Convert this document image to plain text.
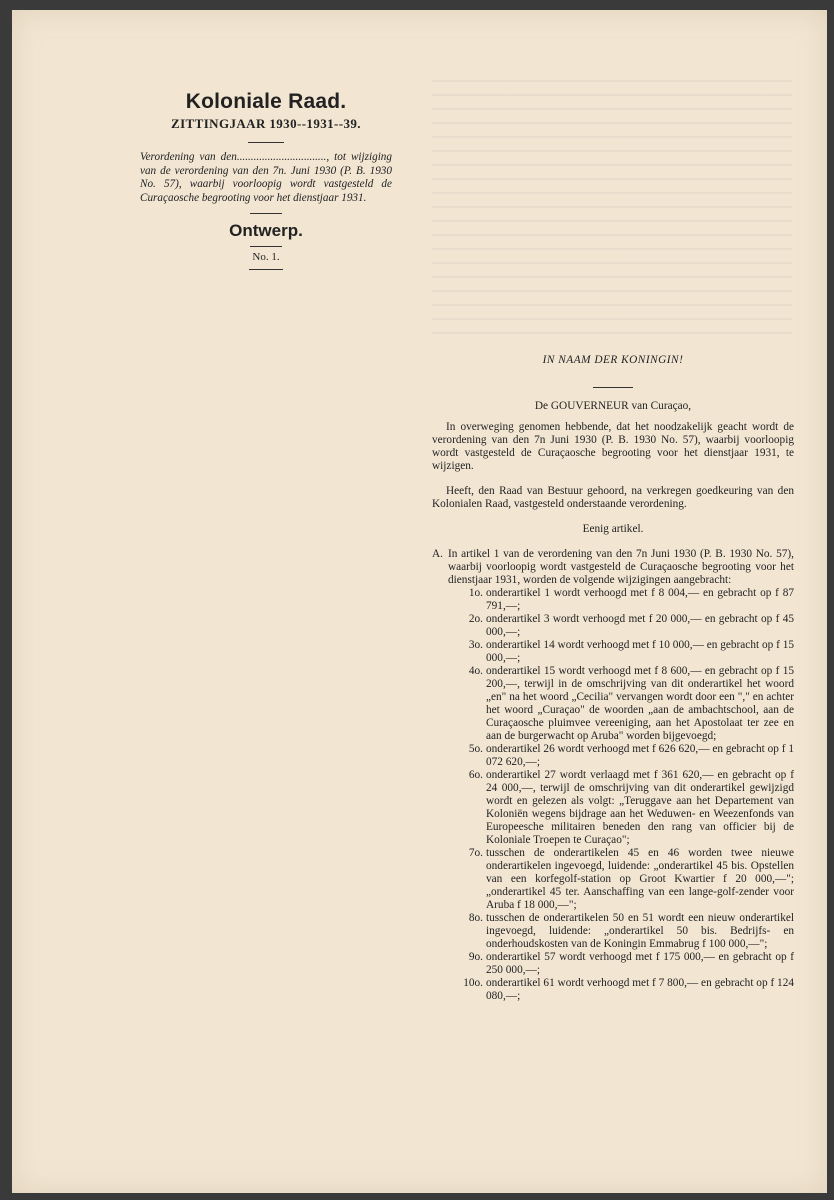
Koloniale Raad.
ZITTINGJAAR 1930--1931--39.

Verordening van den................................, tot wijziging van de verordening van den 7n. Juni 1930 (P. B. 1930 No. 57), waarbij voorloopig wordt vastgesteld de Curaçaosche begrooting voor het dienstjaar 1931.

Ontwerp.

No. 1.

IN NAAM DER KONINGIN!

De GOUVERNEUR van Curaçao,

In overweging genomen hebbende, dat het noodzakelijk geacht wordt de verordening van den 7n Juni 1930 (P. B. 1930 No. 57), waarbij voorloopig wordt vastgesteld de Curaçaosche begrooting voor het dienstjaar 1931, te wijzigen.

Heeft, den Raad van Bestuur gehoord, na verkregen goedkeuring van den Kolonialen Raad, vastgesteld onderstaande verordening.

Eenig artikel.

A. In artikel 1 van de verordening van den 7n Juni 1930 (P. B. 1930 No. 57), waarbij voorloopig wordt vastgesteld de Curaçaosche begrooting voor het dienstjaar 1931, worden de volgende wijzigingen aangebracht:

1o. onderartikel 1 wordt verhoogd met f 8 004,— en gebracht op f 87 791,—;

2o. onderartikel 3 wordt verhoogd met f 20 000,— en gebracht op f 45 000,—;

3o. onderartikel 14 wordt verhoogd met f 10 000,— en gebracht op f 15 000,—;

4o. onderartikel 15 wordt verhoogd met f 8 600,— en gebracht op f 15 200,—, terwijl in de omschrijving van dit onderartikel het woord „en" na het woord „Cecilia" vervangen wordt door een "," en achter het woord „Curaçao" de woorden „aan de ambachtschool, aan de Curaçaosche pluimvee vereeniging, aan het Apostolaat ter zee en aan de burgerwacht op Aruba" worden bijgevoegd;

5o. onderartikel 26 wordt verhoogd met f 626 620,— en gebracht op f 1 072 620,—;

6o. onderartikel 27 wordt verlaagd met f 361 620,— en gebracht op f 24 000,—, terwijl de omschrijving van dit onderartikel gewijzigd wordt en gelezen als volgt: „Teruggave aan het Departement van Koloniën wegens bijdrage aan het Weduwen- en Weezenfonds van Europeesche militairen beneden den rang van officier bij de Koloniale Troepen te Curaçao";

7o. tusschen de onderartikelen 45 en 46 worden twee nieuwe onderartikelen ingevoegd, luidende: „onderartikel 45 bis. Opstellen van een korfegolf-station op Groot Kwartier f 20 000,—"; „onderartikel 45 ter. Aanschaffing van een lange-golf-zender voor Aruba f 18 000,—";

8o. tusschen de onderartikelen 50 en 51 wordt een nieuw onderartikel ingevoegd, luidende: „onderartikel 50 bis. Bedrijfs- en onderhoudskosten van de Koningin Emmabrug f 100 000,—";

9o. onderartikel 57 wordt verhoogd met f 175 000,— en gebracht op f 250 000,—;

10o. onderartikel 61 wordt verhoogd met f 7 800,— en gebracht op f 124 080,—;
